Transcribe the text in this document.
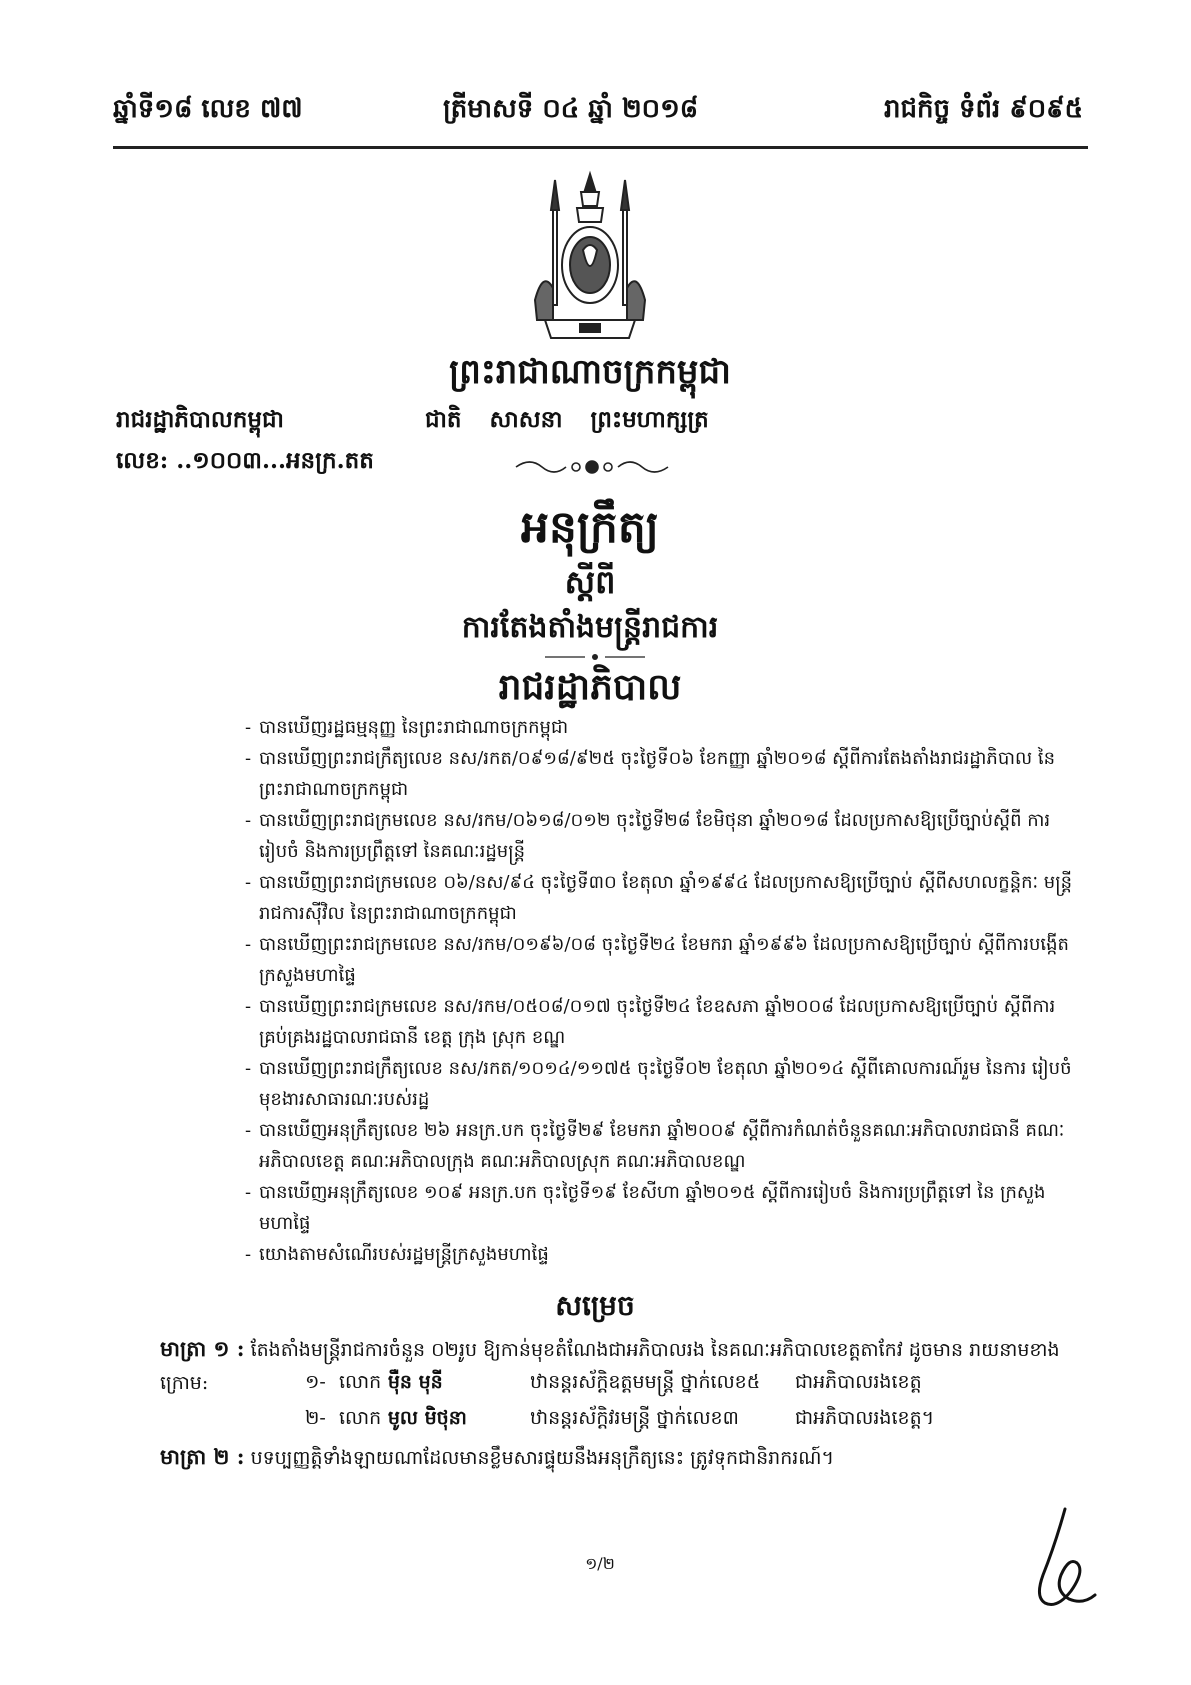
ឆ្នាំទី១៨ លេខ ៧៧	ត្រីមាសទី ០៤ ឆ្នាំ ២០១៨	រាជកិច្ច ទំព័រ ៩០៩៥
ព្រះរាជាណាចក្រកម្ពុជា
រាជរដ្ឋាភិបាលកម្ពុជា	ជាតិ សាសនា ព្រះមហាក្សត្រ
លេខ: ..១០០៣...អនក្រ.តត
អនុក្រឹត្យ
ស្តីពី
ការតែងតាំងមន្ត្រីរាជការ
រាជរដ្ឋាភិបាល
- បានឃើញរដ្ឋធម្មនុញ្ញ នៃព្រះរាជាណាចក្រកម្ពុជា
- បានឃើញព្រះរាជក្រឹត្យលេខ នស/រកត/០៩១៨/៩២៥ ចុះថ្ងៃទី០៦ ខែកញ្ញា ឆ្នាំ២០១៨ ស្តីពីការតែងតាំងរាជរដ្ឋាភិបាល នៃព្រះរាជាណាចក្រកម្ពុជា
- បានឃើញព្រះរាជក្រមលេខ នស/រកម/០៦១៨/០១២ ចុះថ្ងៃទី២៨ ខែមិថុនា ឆ្នាំ២០១៨ ដែលប្រកាសឱ្យប្រើច្បាប់ស្តីពី ការរៀបចំ និងការប្រព្រឹត្តទៅ នៃគណៈរដ្ឋមន្ត្រី
- បានឃើញព្រះរាជក្រមលេខ ០៦/នស/៩៤ ចុះថ្ងៃទី៣០ ខែតុលា ឆ្នាំ១៩៩៤ ដែលប្រកាសឱ្យប្រើច្បាប់ ស្តីពីសហលក្ខន្តិកៈ មន្ត្រីរាជការស៊ីវិល នៃព្រះរាជាណាចក្រកម្ពុជា
- បានឃើញព្រះរាជក្រមលេខ នស/រកម/០១៩៦/០៨ ចុះថ្ងៃទី២៤ ខែមករា ឆ្នាំ១៩៩៦ ដែលប្រកាសឱ្យប្រើច្បាប់ ស្តីពីការបង្កើតក្រសួងមហាផ្ទៃ
- បានឃើញព្រះរាជក្រមលេខ នស/រកម/០៥០៨/០១៧ ចុះថ្ងៃទី២៤ ខែឧសភា ឆ្នាំ២០០៨ ដែលប្រកាសឱ្យប្រើច្បាប់ ស្តីពីការគ្រប់គ្រងរដ្ឋបាលរាជធានី ខេត្ត ក្រុង ស្រុក ខណ្ឌ
- បានឃើញព្រះរាជក្រឹត្យលេខ នស/រកត/១០១៤/១១៧៥ ចុះថ្ងៃទី០២ ខែតុលា ឆ្នាំ២០១៤ ស្តីពីគោលការណ៍រួម នៃការ រៀបចំមុខងារសាធារណៈរបស់រដ្ឋ
- បានឃើញអនុក្រឹត្យលេខ ២៦ អនក្រ.បក ចុះថ្ងៃទី២៩ ខែមករា ឆ្នាំ២០០៩ ស្តីពីការកំណត់ចំនួនគណៈអភិបាលរាជធានី គណៈអភិបាលខេត្ត គណៈអភិបាលក្រុង គណៈអភិបាលស្រុក គណៈអភិបាលខណ្ឌ
- បានឃើញអនុក្រឹត្យលេខ ១០៩ អនក្រ.បក ចុះថ្ងៃទី១៩ ខែសីហា ឆ្នាំ២០១៥ ស្តីពីការរៀបចំ និងការប្រព្រឹត្តទៅ នៃ ក្រសួងមហាផ្ទៃ
- យោងតាមសំណើរបស់រដ្ឋមន្ត្រីក្រសួងមហាផ្ទៃ
សម្រេច
មាត្រា ១ : តែងតាំងមន្ត្រីរាជការចំនួន ០២រូប ឱ្យកាន់មុខតំណែងជាអភិបាលរង នៃគណៈអភិបាលខេត្តតាកែវ ដូចមាន រាយនាមខាងក្រោម:	១- លោក ម៉ឺន មុនី	ឋានន្តរស័ក្តិឧត្តមមន្ត្រី ថ្នាក់លេខ៥ ជាអភិបាលរងខេត្ត
២- លោក មូល មិថុនា	ឋានន្តរស័ក្តិវរមន្ត្រី ថ្នាក់លេខ៣	ជាអភិបាលរងខេត្ត។
មាត្រា ២ : បទប្បញ្ញត្តិទាំងឡាយណាដែលមានខ្លឹមសារផ្ទុយនឹងអនុក្រឹត្យនេះ ត្រូវទុកជានិរាករណ៍។
១/២
